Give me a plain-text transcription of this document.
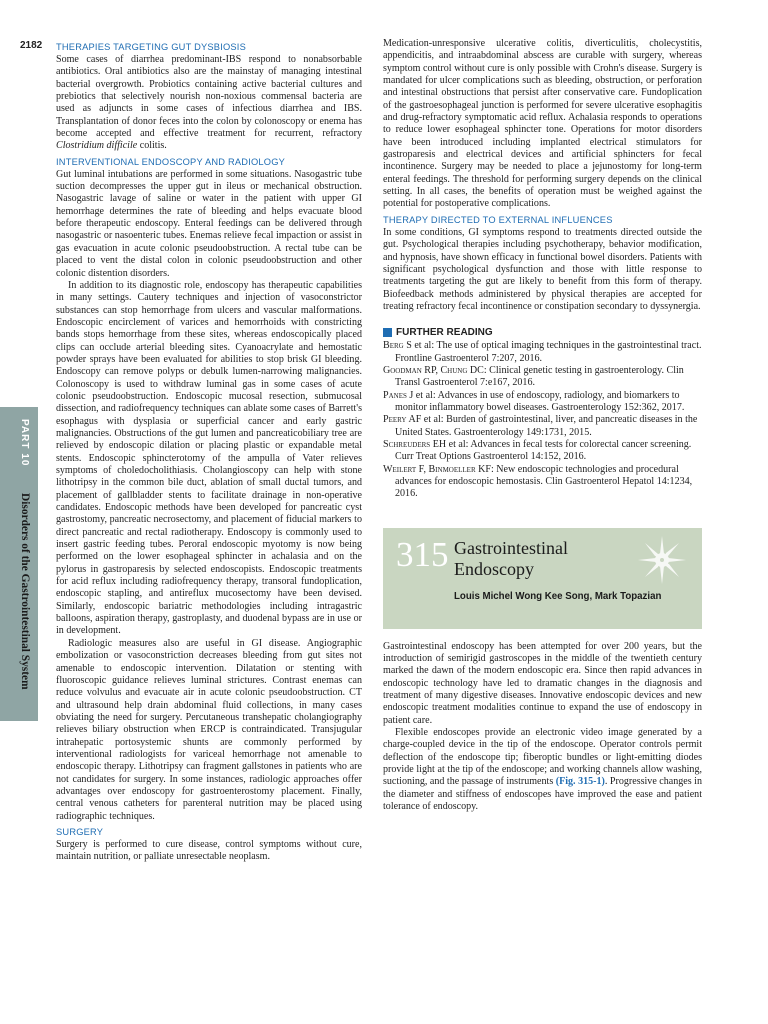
2182
PART 10
Disorders of the Gastrointestinal System
THERAPIES TARGETING GUT DYSBIOSIS

Some cases of diarrhea predominant-IBS respond to nonabsorbable antibiotics. Oral antibiotics also are the mainstay of managing intestinal bacterial overgrowth. Probiotics containing active bacterial cultures and prebiotics that selectively nourish non-noxious commensal bacteria are used as adjuncts in some cases of infectious diarrhea and IBS. Transplantation of donor feces into the colon by colonoscopy or enema has become accepted and effective treatment for recurrent, refractory Clostridium difficile colitis.

INTERVENTIONAL ENDOSCOPY AND RADIOLOGY

Gut luminal intubations are performed in some situations. Nasogastric tube suction decompresses the upper gut in ileus or mechanical obstruction. Nasogastric lavage of saline or water in the patient with upper GI hemorrhage determines the rate of bleeding and helps evacuate blood before therapeutic endoscopy. Enteral feedings can be delivered through nasogastric or nasoenteric tubes. Enemas relieve fecal impaction or assist in gas evacuation in acute colonic pseudoobstruction. A rectal tube can be placed to vent the distal colon in colonic pseudoobstruction and other colonic distention disorders.

In addition to its diagnostic role, endoscopy has therapeutic capabilities in many settings. Cautery techniques and injection of vasoconstrictor substances can stop hemorrhage from ulcers and vascular malformations. Endoscopic encirclement of varices and hemorrhoids with constricting bands stops hemorrhage from these sites, whereas endoscopically placed clips can occlude arterial bleeding sites. Cyanoacrylate and hemostatic powder sprays have been evaluated for abilities to stop brisk GI bleeding. Endoscopy can remove polyps or debulk lumen-narrowing malignancies. Colonoscopy is used to withdraw luminal gas in some cases of acute colonic pseudoobstruction. Endoscopic mucosal resection, submucosal dissection, and radiofrequency techniques can ablate some cases of Barrett's esophagus with dysplasia or superficial cancer and early gastric malignancies. Obstructions of the gut lumen and pancreaticobiliary tree are relieved by endoscopic dilation or placing plastic or expandable metal stents. Endoscopic sphincterotomy of the ampulla of Vater relieves symptoms of choledocholithiasis. Cholangioscopy can help with stone lithotripsy in the common bile duct, ablation of small ductal tumors, and placement of gallbladder stents to facilitate drainage in non-operative candidates. Endoscopic methods have been developed for pancreatic cyst gastrostomy, pancreatic necrosectomy, and placement of fiducial markers to direct pancreatic and rectal radiotherapy. Endoscopy is commonly used to insert gastric feeding tubes. Peroral endoscopic myotomy is now being performed on the lower esophageal sphincter in achalasia and on the pylorus in gastroparesis by selected endoscopists. Endoscopic treatments for acid reflux including radiofrequency therapy, transoral fundoplication, endoscopic stapling, and antireflux mucosectomy have been devised. Similarly, endoscopic bariatric methodologies including intragastric balloons, aspiration therapy, gastroplasty, and duodenal bypass are in use or in development.

Radiologic measures also are useful in GI disease. Angiographic embolization or vasoconstriction decreases bleeding from gut sites not amenable to endoscopic intervention. Dilatation or stenting with fluoroscopic guidance relieves luminal strictures. Contrast enemas can reduce volvulus and evacuate air in acute colonic pseudoobstruction. CT and ultrasound help drain abdominal fluid collections, in many cases obviating the need for surgery. Percutaneous transhepatic cholangiography relieves biliary obstruction when ERCP is contraindicated. Transjugular intrahepatic portosystemic shunts are commonly performed by interventional radiologists for variceal hemorrhage not amenable to endoscopic therapy. Lithotripsy can fragment gallstones in patients who are not candidates for surgery. In some instances, radiologic approaches offer advantages over endoscopy for gastroenterostomy placement. Finally, central venous catheters for parenteral nutrition may be placed using radiographic techniques.

SURGERY

Surgery is performed to cure disease, control symptoms without cure, maintain nutrition, or palliate unresectable neoplasm.

Medication-unresponsive ulcerative colitis, diverticulitis, cholecystitis, appendicitis, and intraabdominal abscess are curable with surgery, whereas symptom control without cure is only possible with Crohn's disease. Surgery is mandated for ulcer complications such as bleeding, obstruction, or perforation and intestinal obstructions that persist after conservative care. Fundoplication of the gastroesophageal junction is performed for severe ulcerative esophagitis and drug-refractory symptomatic acid reflux. Achalasia responds to operations to reduce lower esophageal sphincter tone. Operations for motor disorders have been introduced including implanted electrical stimulators for gastroparesis and electrical devices and artificial sphincters for fecal incontinence. Surgery may be needed to place a jejunostomy for long-term enteral feedings. The threshold for performing surgery depends on the clinical setting. In all cases, the benefits of operation must be weighed against the potential for postoperative complications.

THERAPY DIRECTED TO EXTERNAL INFLUENCES

In some conditions, GI symptoms respond to treatments directed outside the gut. Psychological therapies including psychotherapy, behavior modification, and hypnosis, have shown efficacy in functional bowel disorders. Patients with significant psychological dysfunction and those with little response to treatments targeting the gut are likely to benefit from this form of therapy. Biofeedback methods administered by physical therapies are accepted for treating refractory fecal incontinence or constipation secondary to dyssynergia.

FURTHER READING

Berg S et al: The use of optical imaging techniques in the gastrointestinal tract. Frontline Gastroenterol 7:207, 2016.

Goodman RP, Chung DC: Clinical genetic testing in gastroenterology. Clin Transl Gastroenterol 7:e167, 2016.

Panes J et al: Advances in use of endoscopy, radiology, and biomarkers to monitor inflammatory bowel diseases. Gastroenterology 152:362, 2017.

Peery AF et al: Burden of gastrointestinal, liver, and pancreatic diseases in the United States. Gastroenterology 149:1731, 2015.

Schreuders EH et al: Advances in fecal tests for colorectal cancer screening. Curr Treat Options Gastroenterol 14:152, 2016.

Weilert F, Binmoeller KF: New endoscopic technologies and procedural advances for endoscopic hemostasis. Clin Gastroenterol Hepatol 14:1234, 2016.

315 Gastrointestinal
Endoscopy
Louis Michel Wong Kee Song, Mark Topazian

Gastrointestinal endoscopy has been attempted for over 200 years, but the introduction of semirigid gastroscopes in the middle of the twentieth century marked the dawn of the modern endoscopic era. Since then rapid advances in endoscopic technology have led to dramatic changes in the diagnosis and treatment of many digestive diseases. Innovative endoscopic devices and new endoscopic treatment modalities continue to expand the use of endoscopy in patient care.

Flexible endoscopes provide an electronic video image generated by a charge-coupled device in the tip of the endoscope. Operator controls permit deflection of the endoscope tip; fiberoptic bundles or light-emitting diodes provide light at the tip of the endoscope; and working channels allow washing, suctioning, and the passage of instruments (Fig. 315-1). Progressive changes in the diameter and stiffness of endoscopes have improved the ease and patient tolerance of endoscopy.
